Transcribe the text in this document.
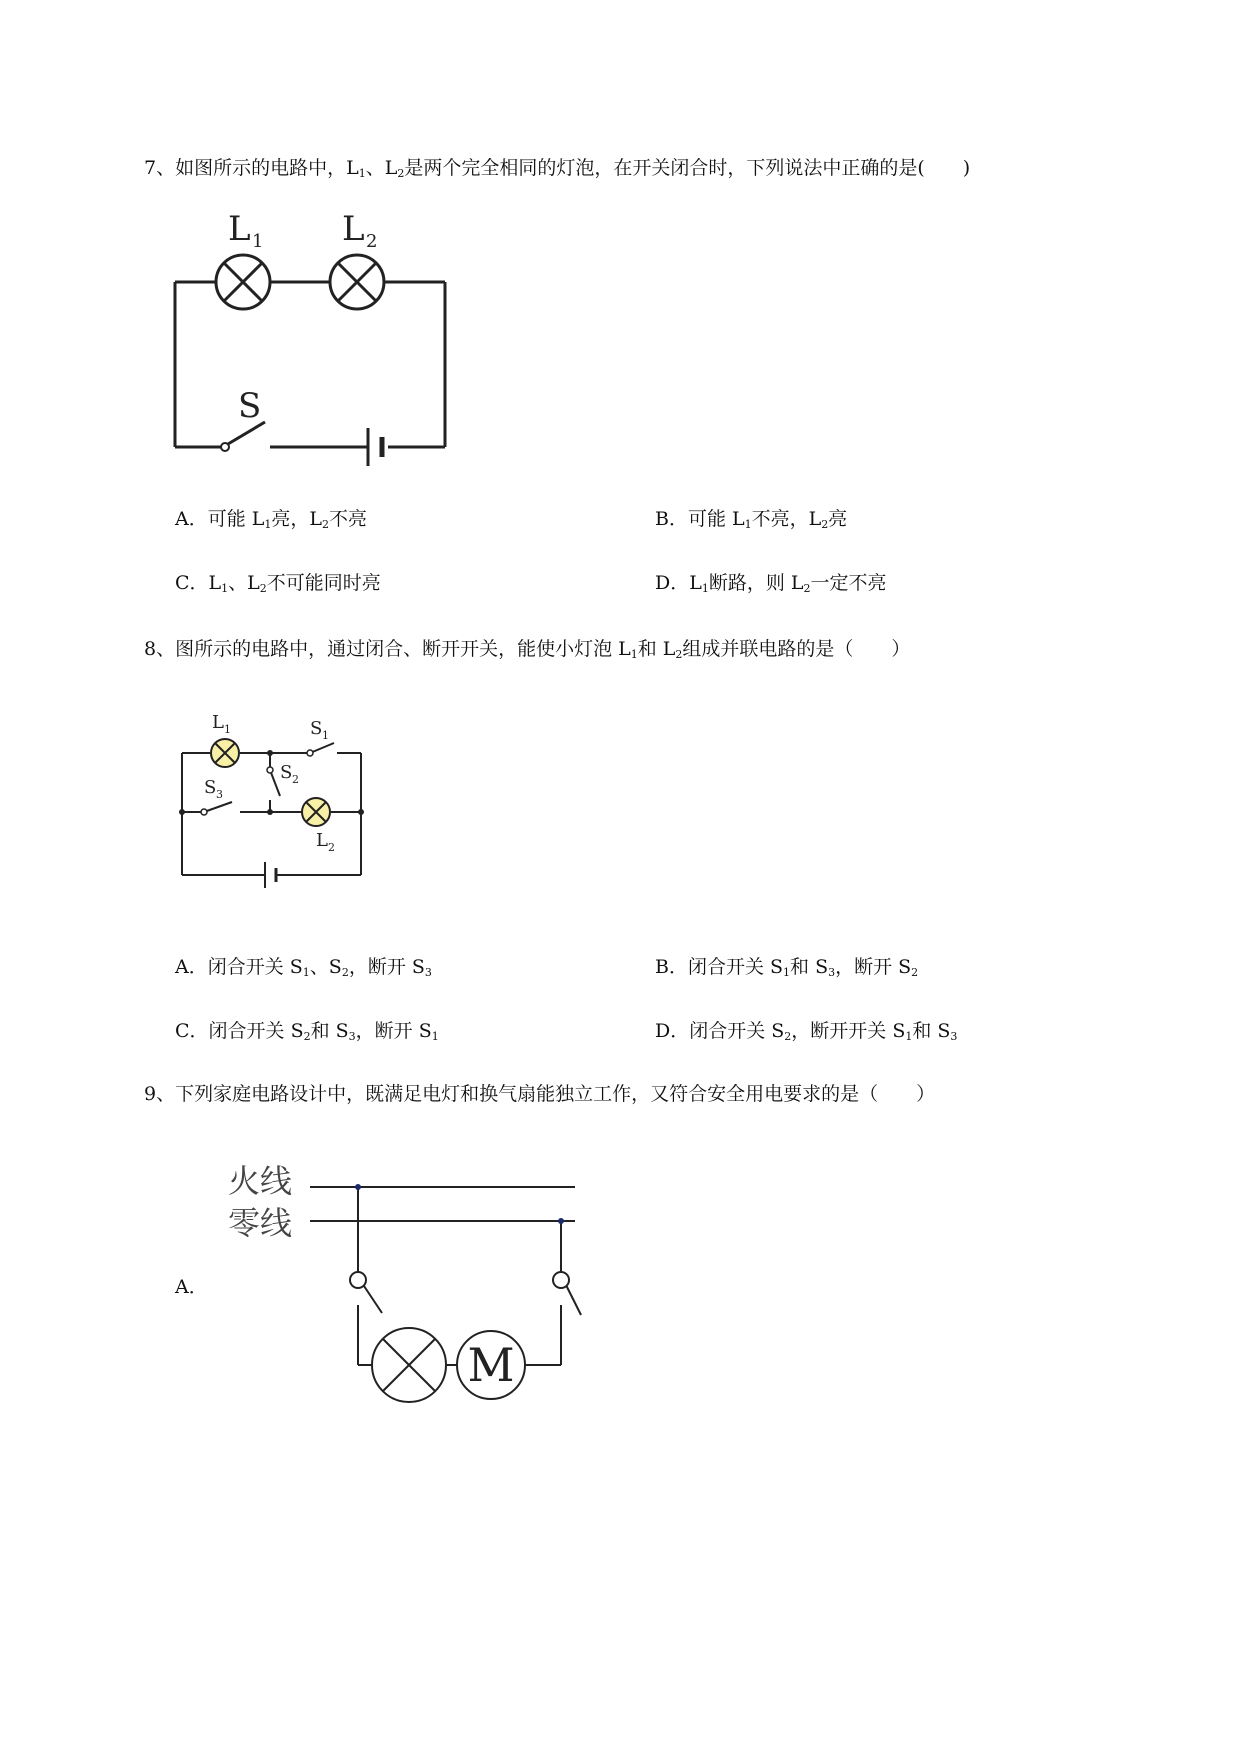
7、如图所示的电路中，$L_1$、$L_2$是两个完全相同的灯泡，在开关闭合时，下列说法中正确的是(　　)
L 1 L 2
S
A．可能 $L_1$亮，$L_2$不亮	B．可能 $L_1$不亮，$L_2$亮
C．$L_1$、$L_2$不可能同时亮	D．$L_1$断路，则 $L_2$一定不亮
8、图所示的电路中，通过闭合、断开开关，能使小灯泡 $L_1$和 $L_2$组成并联电路的是（　　）
L 1	S 1
S 2
S 3
L 2
A．闭合开关 $S_1$、$S_2$，断开 $S_3$	B．闭合开关 $S_1$和 $S_3$，断开 $S_2$
C．闭合开关 $S_2$和 $S_3$，断开 $S_1$	D．闭合开关 $S_2$，断开开关 $S_1$和 $S_3$
9、下列家庭电路设计中，既满足电灯和换气扇能独立工作，又符合安全用电要求的是（　　）
A．
火线
零线
M
